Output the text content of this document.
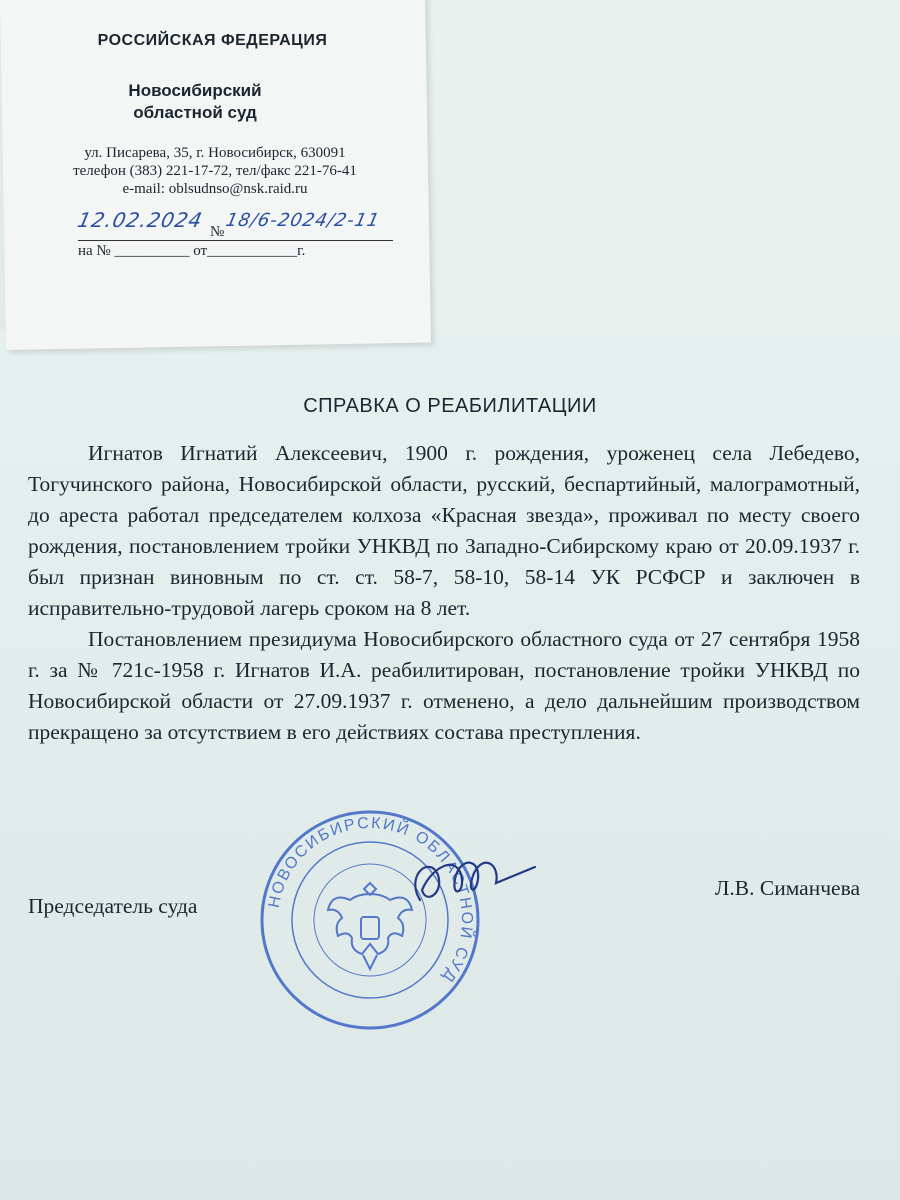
РОССИЙСКАЯ ФЕДЕРАЦИЯ
Новосибирский
областной суд
ул. Писарева, 35, г. Новосибирск, 630091
телефон (383) 221-17-72, тел/факс 221-76-41
e-mail: oblsudnso@nsk.raid.ru
12.02.2024 №
18/6-2024/2-11
на № __________ от____________г.
СПРАВКА О РЕАБИЛИТАЦИИ

Игнатов Игнатий Алексеевич, 1900 г. рождения, уроженец села Лебедево, Тогучинского района, Новосибирской области, русский, беспартийный, малограмотный, до ареста работал председателем колхоза «Красная звезда», проживал по месту своего рождения, постановлением тройки УНКВД по Западно-Сибирскому краю от 20.09.1937 г. был признан виновным по ст. ст. 58-7, 58-10, 58-14 УК РСФСР и заключен в исправительно-трудовой лагерь сроком на 8 лет.

Постановлением президиума Новосибирского областного суда от 27 сентября 1958 г. за № 721с-1958 г. Игнатов И.А. реабилитирован, постановление тройки УНКВД по Новосибирской области от 27.09.1937 г. отменено, а дело дальнейшим производством прекращено за отсутствием в его действиях состава преступления.

НОВОСИБИРСКИЙ ОБЛАСТНОЙ СУД
Председатель суда
Л.В. Симанчева
